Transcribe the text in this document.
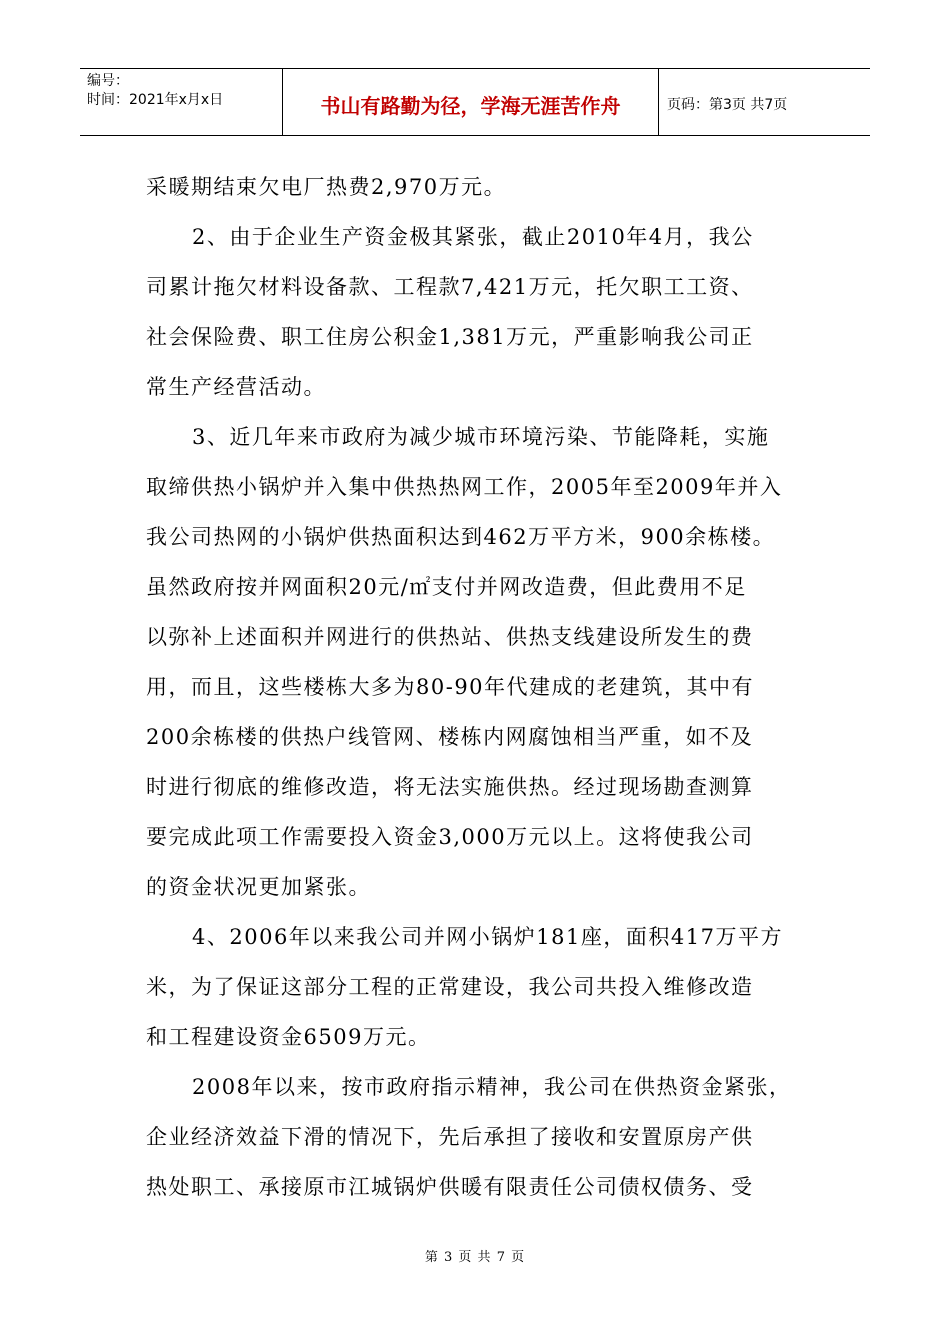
编号：
时间：2021年x月x日	书山有路勤为径，学海无涯苦作舟	页码：第3页 共7页

采暖期结束欠电厂热费2,970万元。

2、由于企业生产资金极其紧张，截止2010年4月，我公

司累计拖欠材料设备款、工程款7,421万元，托欠职工工资、

社会保险费、职工住房公积金1,381万元，严重影响我公司正

常生产经营活动。

3、近几年来市政府为减少城市环境污染、节能降耗，实施

取缔供热小锅炉并入集中供热热网工作，2005年至2009年并入

我公司热网的小锅炉供热面积达到462万平方米，900余栋楼。

虽然政府按并网面积20元/㎡支付并网改造费，但此费用不足

以弥补上述面积并网进行的供热站、供热支线建设所发生的费

用，而且，这些楼栋大多为80-90年代建成的老建筑，其中有

200余栋楼的供热户线管网、楼栋内网腐蚀相当严重，如不及

时进行彻底的维修改造，将无法实施供热。经过现场勘查测算

要完成此项工作需要投入资金3,000万元以上。这将使我公司

的资金状况更加紧张。

4、2006年以来我公司并网小锅炉181座，面积417万平方

米，为了保证这部分工程的正常建设，我公司共投入维修改造

和工程建设资金6509万元。

2008年以来，按市政府指示精神，我公司在供热资金紧张，

企业经济效益下滑的情况下，先后承担了接收和安置原房产供

热处职工、承接原市江城锅炉供暖有限责任公司债权债务、受

第 3 页 共 7 页
